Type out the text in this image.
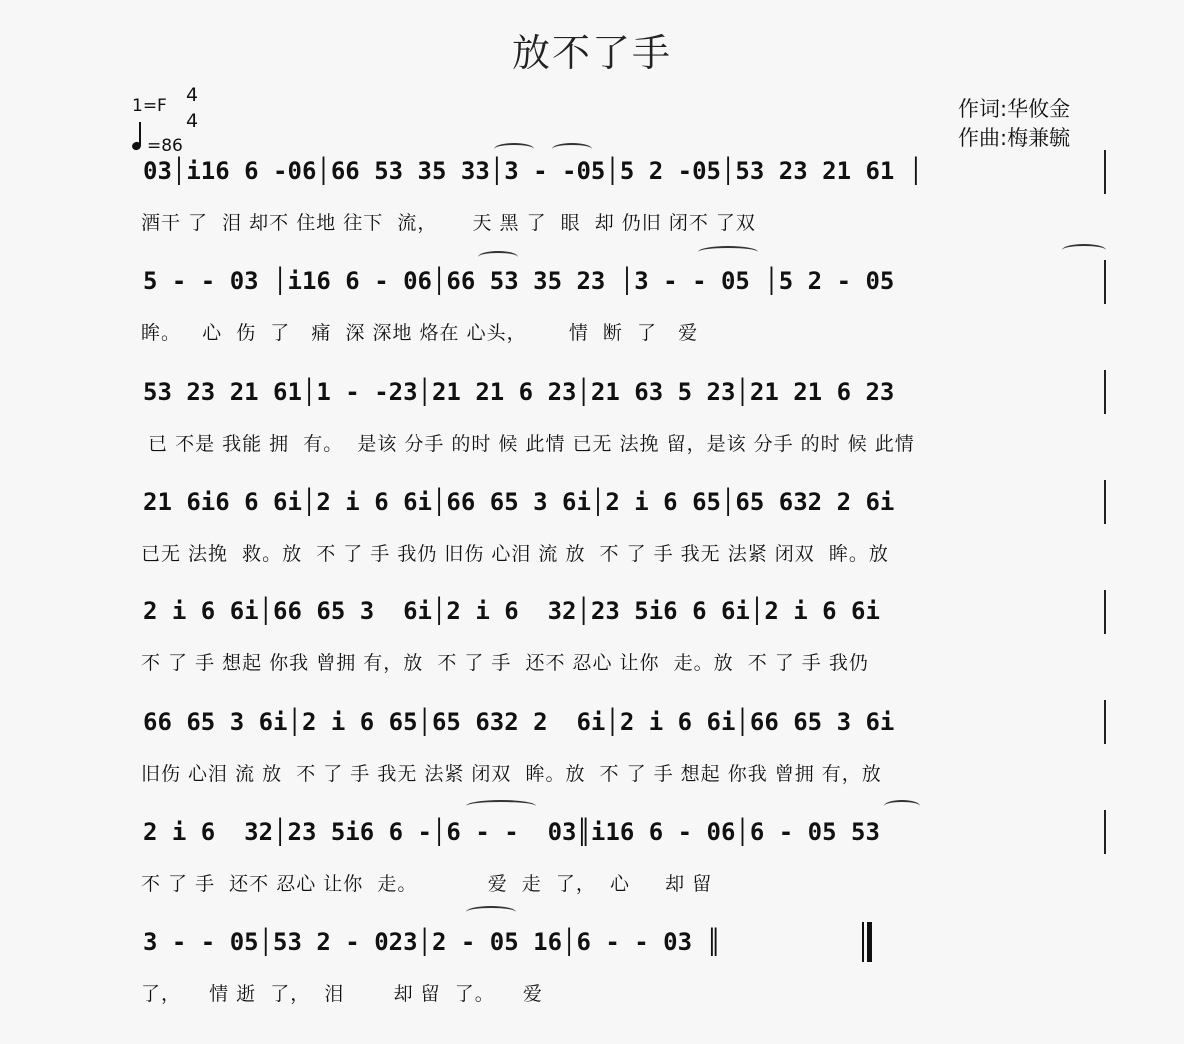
放不了手
1=F 4
4
=86
作词:华攸金
作曲:梅兼毓
03│i16 6 -06│66 53 35 33│3 - -05│5 2 -05│53 23 21 61 │
酒干 了  泪 却不 住地 往下  流，     天 黑 了  眼  却 仍旧 闭不 了双
5 - - 03 │i16 6 - 06│66 53 35 23 │3 - - 05 │5 2 - 05
眸。   心  伤  了   痛  深 深地 烙在 心头，      情  断  了   爱
53 23 21 61│1 - -23│21 21 6 23│21 63 5 23│21 21 6 23
已 不是 我能 拥  有。  是该 分手 的时 候 此情 已无 法挽 留，是该 分手 的时 候 此情
21 6i6 6 6i│2 i 6 6i│66 65 3 6i│2 i 6 65│65 632 2 6i
已无 法挽  救。放  不 了 手 我仍 旧伤 心泪 流 放  不 了 手 我无 法紧 闭双  眸。放
2 i 6 6i│66 65 3  6i│2 i 6  32│23 5i6 6 6i│2 i 6 6i
不 了 手 想起 你我 曾拥 有，放  不 了 手  还不 忍心 让你  走。放  不 了 手 我仍
66 65 3 6i│2 i 6 65│65 632 2  6i│2 i 6 6i│66 65 3 6i
旧伤 心泪 流 放  不 了 手 我无 法紧 闭双  眸。放  不 了 手 想起 你我 曾拥 有，放
2 i 6  32│23 5i6 6 -│6 - -  03║i16 6 - 06│6 - 05 53
不 了 手  还不 忍心 让你  走。          爱  走  了，  心     却 留
3 - - 05│53 2 - 023│2 - 05 16│6 - - 03 ║
了，    情 逝  了，  泪       却 留  了。    爱
